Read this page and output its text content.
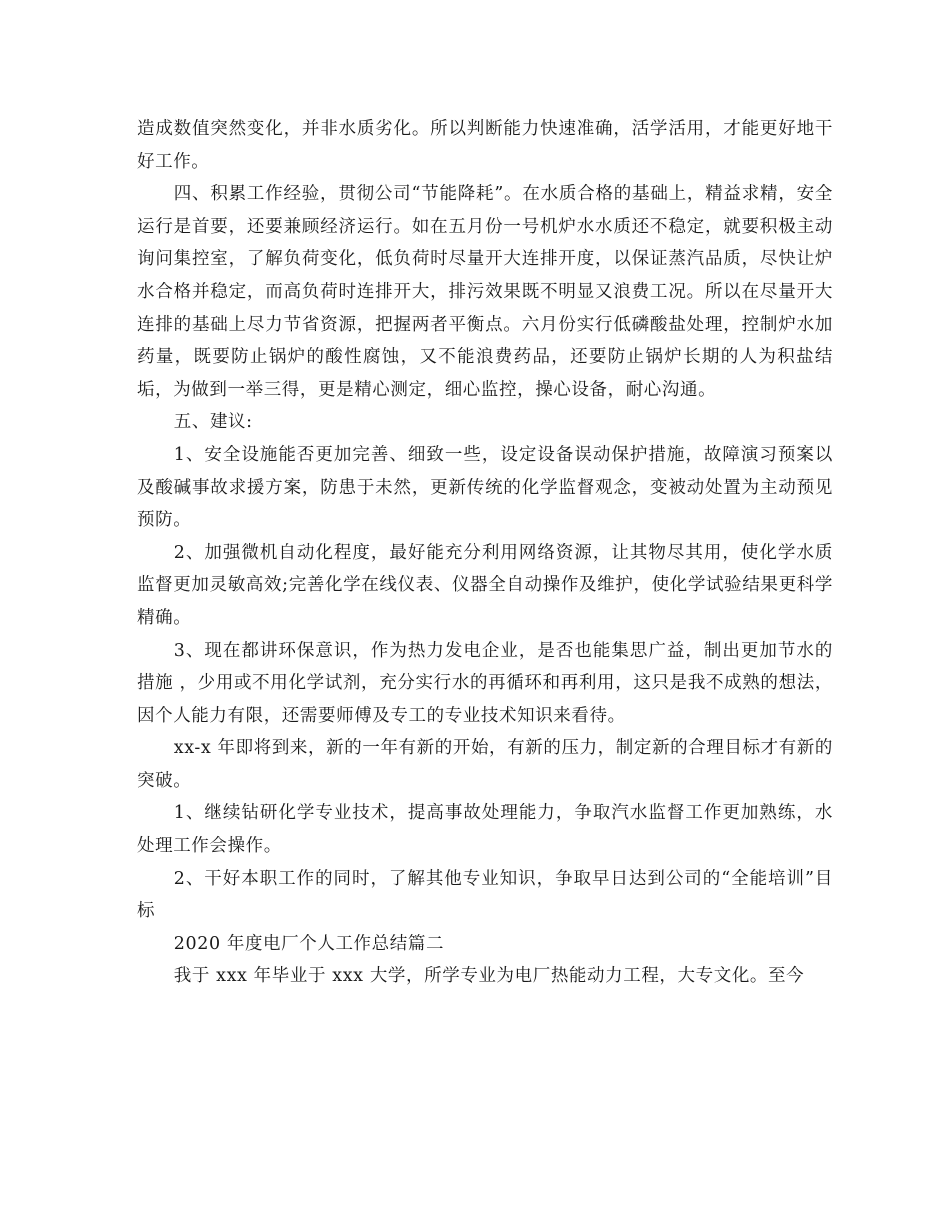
造成数值突然变化，并非水质劣化。所以判断能力快速准确，活学活用，才能更好地干好工作。

四、积累工作经验，贯彻公司“节能降耗”。在水质合格的基础上，精益求精，安全运行是首要，还要兼顾经济运行。如在五月份一号机炉水水质还不稳定，就要积极主动询问集控室，了解负荷变化，低负荷时尽量开大连排开度，以保证蒸汽品质，尽快让炉水合格并稳定，而高负荷时连排开大，排污效果既不明显又浪费工况。所以在尽量开大连排的基础上尽力节省资源，把握两者平衡点。六月份实行低磷酸盐处理，控制炉水加药量，既要防止锅炉的酸性腐蚀，又不能浪费药品，还要防止锅炉长期的人为积盐结垢，为做到一举三得，更是精心测定，细心监控，操心设备，耐心沟通。

五、建议:

1、安全设施能否更加完善、细致一些，设定设备误动保护措施，故障演习预案以及酸碱事故求援方案，防患于未然，更新传统的化学监督观念，变被动处置为主动预见预防。

2、加强微机自动化程度，最好能充分利用网络资源，让其物尽其用，使化学水质监督更加灵敏高效;完善化学在线仪表、仪器全自动操作及维护，使化学试验结果更科学精确。

3、现在都讲环保意识，作为热力发电企业，是否也能集思广益，制出更加节水的措施 ，少用或不用化学试剂，充分实行水的再循环和再利用，这只是我不成熟的想法，因个人能力有限，还需要师傅及专工的专业技术知识来看待。

xx-x 年即将到来，新的一年有新的开始，有新的压力，制定新的合理目标才有新的突破。

1、继续钻研化学专业技术，提高事故处理能力，争取汽水监督工作更加熟练，水处理工作会操作。

2、干好本职工作的同时，了解其他专业知识，争取早日达到公司的“全能培训”目标

2020 年度电厂个人工作总结篇二

我于 xxx 年毕业于 xxx 大学，所学专业为电厂热能动力工程，大专文化。至今
